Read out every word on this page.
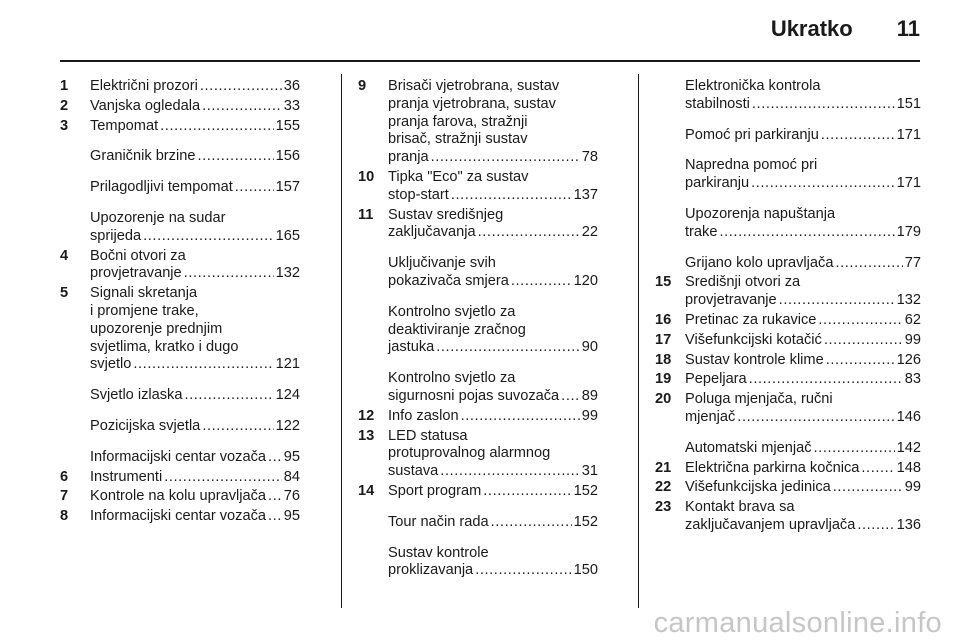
Ukratko 11
1	Električni prozori .....	36
2	Vanjska ogledala .....	33
3	Tempomat .....	155
Graničnik brzine .....	156
Prilagodljivi tempomat .....	157
Upozorenje na sudar
sprijeda .....	165
4	Bočni otvori za
provjetravanje .....	132
5	Signali skretanja
i promjene trake,
upozorenje prednjim
svjetlima, kratko i dugo
svjetlo .....	121
Svjetlo izlaska .....	124
Pozicijska svjetla .....	122
Informacijski centar vozača ..... 95
6	Instrumenti .....	84
7	Kontrole na kolu upravljača ..... 76
8	Informacijski centar vozača ..... 95
9	Brisači vjetrobrana, sustav
pranja vjetrobrana, sustav
pranja farova, stražnji
brisač, stražnji sustav
pranja .....	78
10 Tipka "Eco" za sustav
stop-start .....	137
11 Sustav središnjeg
zaključavanja .....	22
Uključivanje svih
pokazivača smjera .....	120
Kontrolno svjetlo za
deaktiviranje zračnog
jastuka .....	90
Kontrolno svjetlo za
sigurnosni pojas suvozača ..... 89
12 Info zaslon .....	99
13 LED statusa
protuprovalnog alarmnog
sustava .....	31
14 Sport program .....	152
Tour način rada .....	152
Sustav kontrole
proklizavanja .....	150
Elektronička kontrola
stabilnosti .....	151
Pomoć pri parkiranju .....	171
Napredna pomoć pri
parkiranju .....	171
Upozorenja napuštanja
trake .....	179
Grijano kolo upravljača .....	77
15 Središnji otvori za
provjetravanje .....	132
16 Pretinac za rukavice .....	62
17 Višefunkcijski kotačić .....	99
18 Sustav kontrole klime .....	126
19 Pepeljara .....	83
20 Poluga mjenjača, ručni
mjenjač .....	146
Automatski mjenjač .....	142
21 Električna parkirna kočnica .....	148
22 Višefunkcijska jedinica .....	99
23 Kontakt brava sa
zaključavanjem upravljača .....	136
carmanualsonline.info
